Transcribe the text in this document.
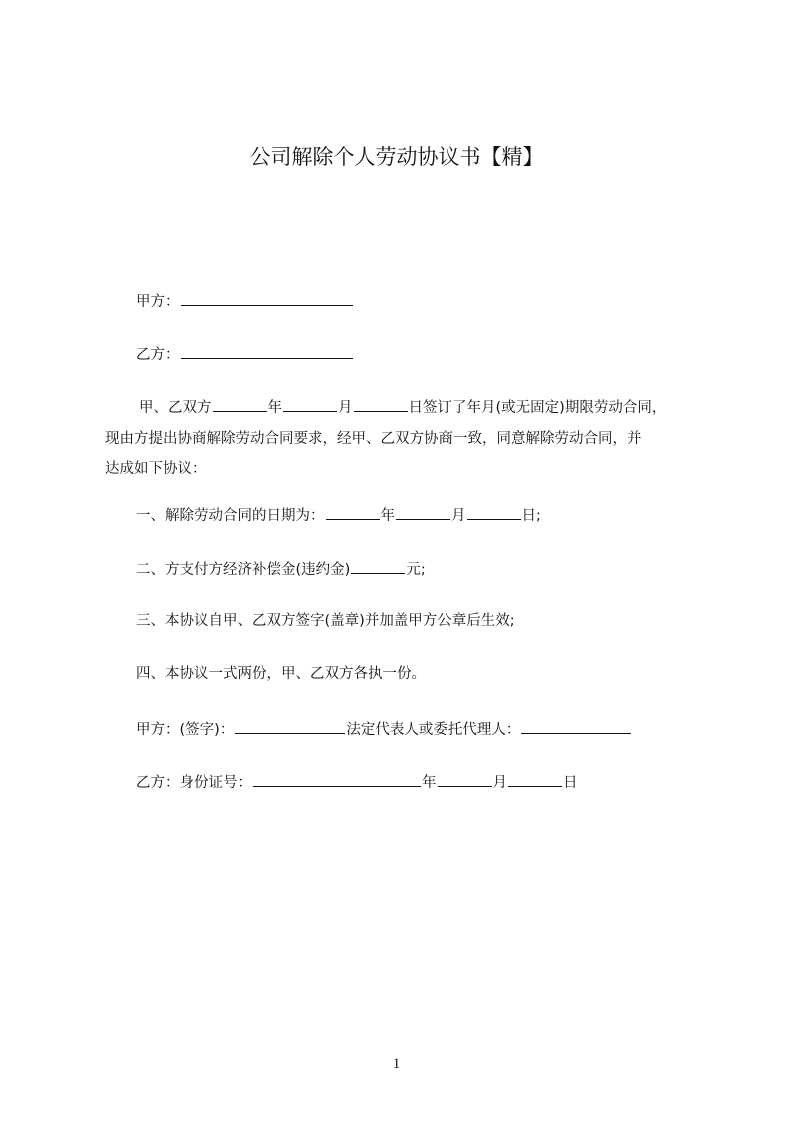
公司解除个人劳动协议书【精】
甲方：
乙方：
甲、乙双方	年	月	日签订了年月(或无固定)期限劳动合同，
现由方提出协商解除劳动合同要求，经甲、乙双方协商一致，同意解除劳动合同，并
达成如下协议：
一、解除劳动合同的日期为：	年	月	日;
二、方支付方经济补偿金(违约金)	元;
三、本协议自甲、乙双方签字(盖章)并加盖甲方公章后生效;
四、本协议一式两份，甲、乙双方各执一份。
甲方：(签字)：	法定代表人或委托代理人：
乙方：身份证号：	年	月	日
1
